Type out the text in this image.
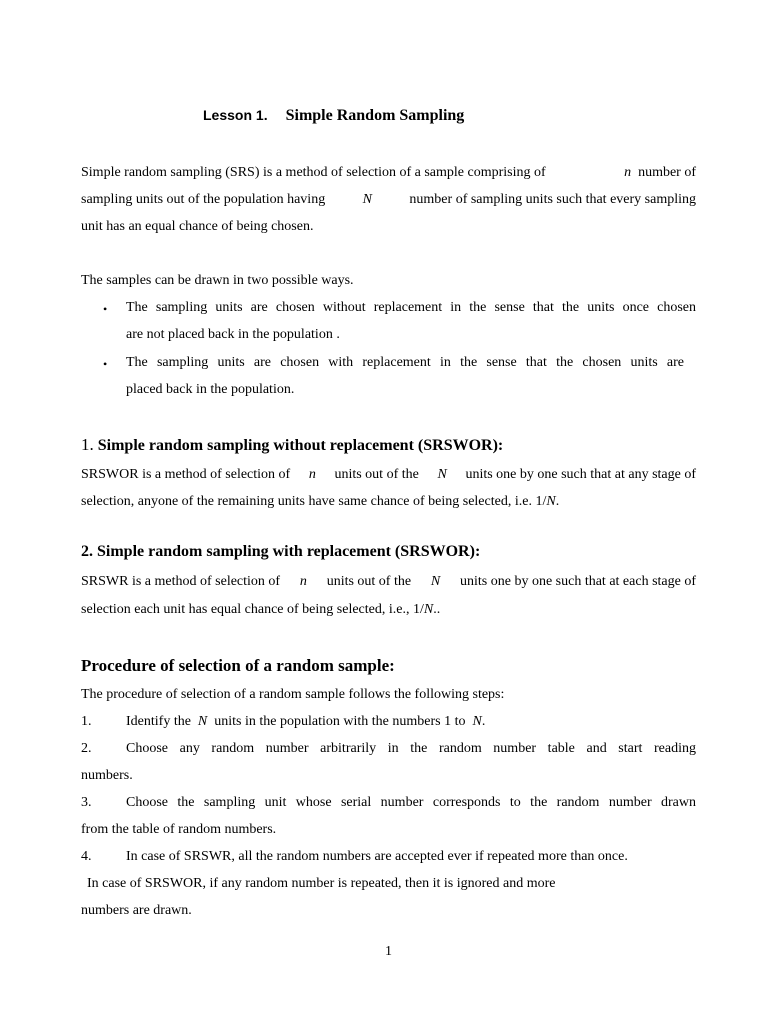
Lesson 1. Simple Random Sampling
Simple random sampling (SRS) is a method of selection of a sample comprising of	n number of
sampling units out of the population having	N	number of sampling units such that every sampling
unit has an equal chance of being chosen.
The samples can be drawn in two possible ways.
• The sampling units are chosen without replacement in the sense that the units once chosen
are not placed back in the population .
• The sampling units are chosen with replacement in the sense that the chosen units are
placed back in the population.
1. Simple random sampling without replacement (SRSWOR):
SRSWOR is a method of selection of n units out of the N units one by one such that at any stage of
selection, anyone of the remaining units have same chance of being selected, i.e. 1/N.
2. Simple random sampling with replacement (SRSWOR):
SRSWR is a method of selection of n units out of the N units one by one such that at each stage of
selection each unit has equal chance of being selected, i.e., 1/N..
Procedure of selection of a random sample:
The procedure of selection of a random sample follows the following steps:
1. Identify the N units in the population with the numbers 1 to N.
2. Choose any random number arbitrarily in the random number table and start reading
numbers.
3. Choose the sampling unit whose serial number corresponds to the random number drawn
from the table of random numbers.
4. In case of SRSWR, all the random numbers are accepted ever if repeated more than once.
In case of SRSWOR, if any random number is repeated, then it is ignored and more
numbers are drawn.
1
